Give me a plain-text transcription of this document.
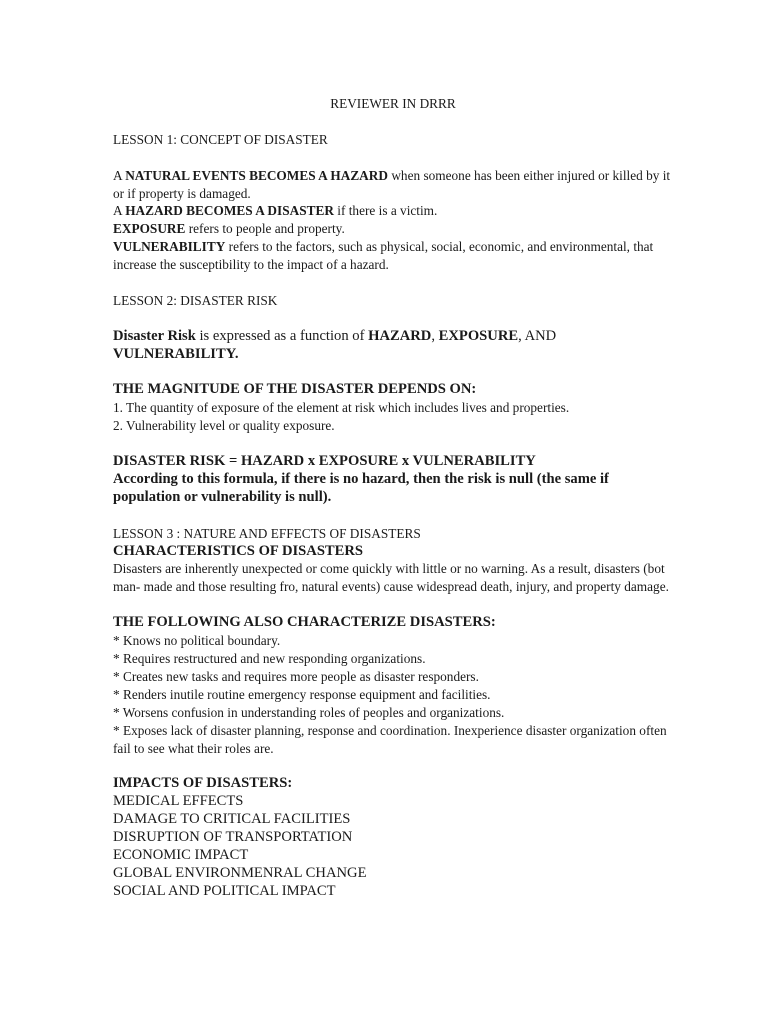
REVIEWER IN DRRR
LESSON 1: CONCEPT OF DISASTER
A NATURAL EVENTS BECOMES A HAZARD when someone has been either injured or killed by it or if property is damaged.
A HAZARD BECOMES A DISASTER if there is a victim.
EXPOSURE refers to people and property.
VULNERABILITY refers to the factors, such as physical, social, economic, and environmental, that increase the susceptibility to the impact of a hazard.
LESSON 2: DISASTER RISK
Disaster Risk is expressed as a function of HAZARD, EXPOSURE, AND
VULNERABILITY.
THE MAGNITUDE OF THE DISASTER DEPENDS ON:
1. The quantity of exposure of the element at risk which includes lives and properties.
2. Vulnerability level or quality exposure.
DISASTER RISK = HAZARD x EXPOSURE x VULNERABILITY
According to this formula, if there is no hazard, then the risk is null (the same if population or vulnerability is null).
LESSON 3 : NATURE AND EFFECTS OF DISASTERS
CHARACTERISTICS OF DISASTERS
Disasters are inherently unexpected or come quickly with little or no warning. As a result, disasters (bot man- made and those resulting fro, natural events) cause widespread death, injury, and property damage.
THE FOLLOWING ALSO CHARACTERIZE DISASTERS:
* Knows no political boundary.
* Requires restructured and new responding organizations.
* Creates new tasks and requires more people as disaster responders.
* Renders inutile routine emergency response equipment and facilities.
* Worsens confusion in understanding roles of peoples and organizations.
* Exposes lack of disaster planning, response and coordination. Inexperience disaster organization often fail to see what their roles are.
IMPACTS OF DISASTERS:
MEDICAL EFFECTS
DAMAGE TO CRITICAL FACILITIES
DISRUPTION OF TRANSPORTATION
ECONOMIC IMPACT
GLOBAL ENVIRONMENRAL CHANGE
SOCIAL AND POLITICAL IMPACT
